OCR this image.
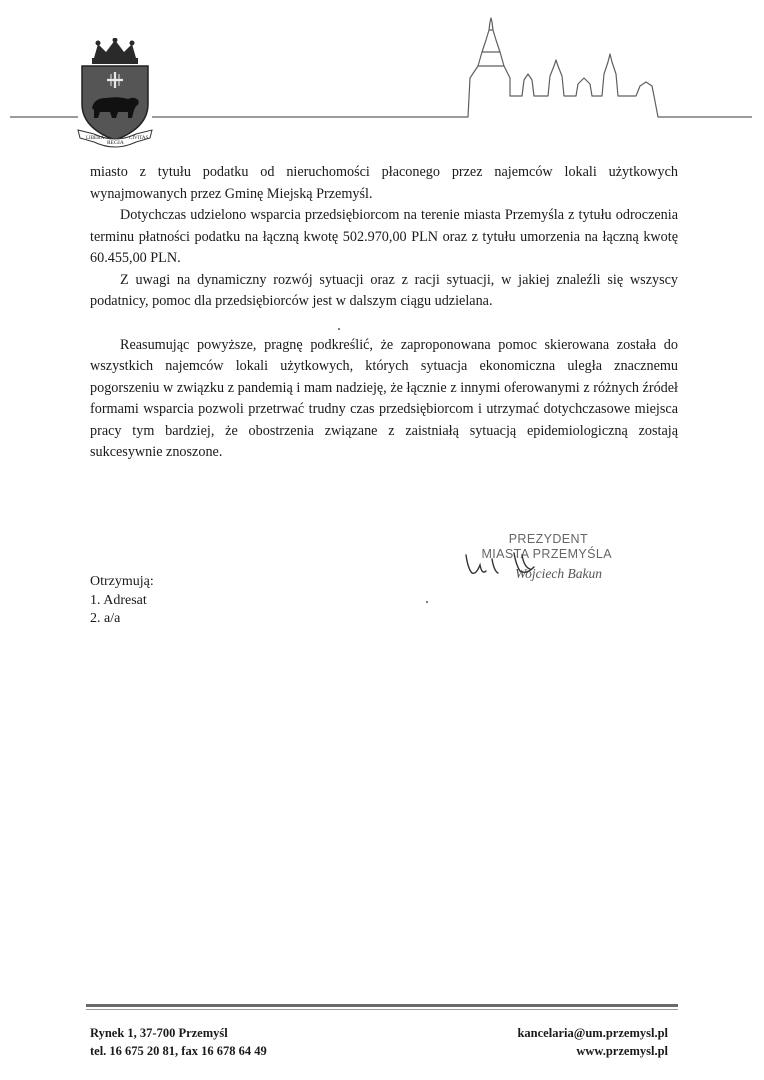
LIBERA
REGIA
CIVITAS

miasto z tytułu podatku od nieruchomości płaconego przez najemców lokali użytkowych wynajmowanych przez Gminę Miejską Przemyśl.

Dotychczas udzielono wsparcia przedsiębiorcom na terenie miasta Przemyśla z tytułu odroczenia terminu płatności podatku na łączną kwotę 502.970,00 PLN oraz z tytułu umorzenia na łączną kwotę 60.455,00 PLN.

Z uwagi na dynamiczny rozwój sytuacji oraz z racji sytuacji, w jakiej znaleźli się wszyscy podatnicy, pomoc dla przedsiębiorców jest w dalszym ciągu udzielana.

Reasumując powyższe, pragnę podkreślić, że zaproponowana pomoc skierowana została do wszystkich najemców lokali użytkowych, których sytuacja ekonomiczna uległa znacznemu pogorszeniu w związku z pandemią i mam nadzieję, że łącznie z innymi oferowanymi z różnych źródeł formami wsparcia pozwoli przetrwać trudny czas przedsiębiorcom i utrzymać dotychczasowe miejsca pracy tym bardziej, że obostrzenia związane z zaistniałą sytuacją epidemiologiczną zostają sukcesywnie znoszone.

PREZYDENT
MIASTA PRZEMYŚLA
Wojciech Bakun
Otrzymują:
1. Adresat
2. a/a
Rynek 1, 37-700 Przemyśl
tel. 16 675 20 81, fax 16 678 64 49
kancelaria@um.przemysl.pl
www.przemysl.pl
